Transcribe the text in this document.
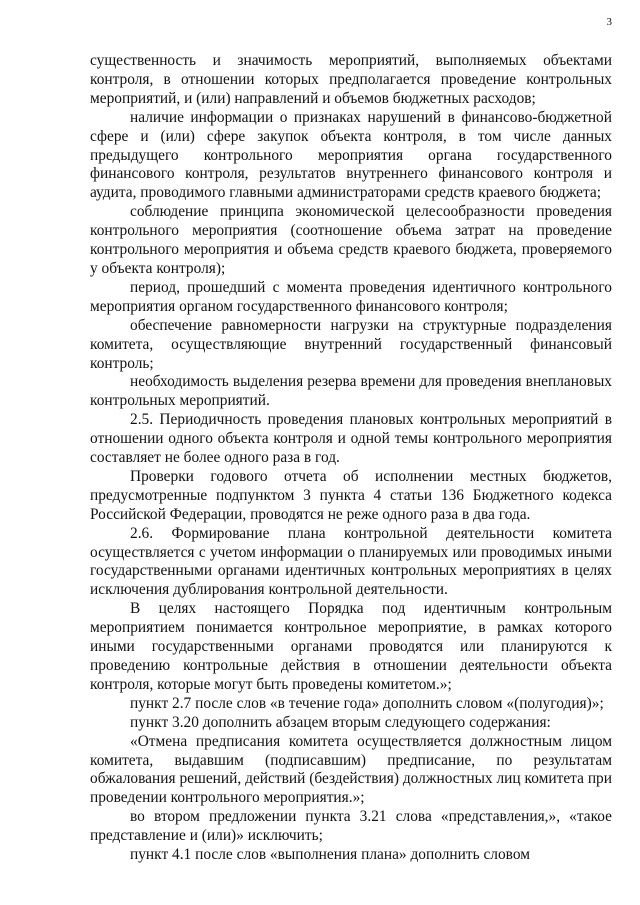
3

существенность и значимость мероприятий, выполняемых объектами контроля, в отношении которых предполагается проведение контрольных мероприятий, и (или) направлений и объемов бюджетных расходов;

наличие информации о признаках нарушений в финансово-бюджетной сфере и (или) сфере закупок объекта контроля, в том числе данных предыдущего контрольного мероприятия органа государственного финансового контроля, результатов внутреннего финансового контроля и аудита, проводимого главными администраторами средств краевого бюджета;

соблюдение принципа экономической целесообразности проведения контрольного мероприятия (соотношение объема затрат на проведение контрольного мероприятия и объема средств краевого бюджета, проверяемого у объекта контроля);

период, прошедший с момента проведения идентичного контрольного мероприятия органом государственного финансового контроля;

обеспечение равномерности нагрузки на структурные подразделения комитета, осуществляющие внутренний государственный финансовый контроль;

необходимость выделения резерва времени для проведения внеплановых контрольных мероприятий.

2.5. Периодичность проведения плановых контрольных мероприятий в отношении одного объекта контроля и одной темы контрольного мероприятия составляет не более одного раза в год.

Проверки годового отчета об исполнении местных бюджетов, предусмотренные подпунктом 3 пункта 4 статьи 136 Бюджетного кодекса Российской Федерации, проводятся не реже одного раза в два года.

2.6. Формирование плана контрольной деятельности комитета осуществляется с учетом информации о планируемых или проводимых иными государственными органами идентичных контрольных мероприятиях в целях исключения дублирования контрольной деятельности.

В целях настоящего Порядка под идентичным контрольным мероприятием понимается контрольное мероприятие, в рамках которого иными государственными органами проводятся или планируются к проведению контрольные действия в отношении деятельности объекта контроля, которые могут быть проведены комитетом.»;

пункт 2.7 после слов «в течение года» дополнить словом «(полугодия)»;

пункт 3.20 дополнить абзацем вторым следующего содержания:

«Отмена предписания комитета осуществляется должностным лицом комитета, выдавшим (подписавшим) предписание, по результатам обжалования решений, действий (бездействия) должностных лиц комитета при проведении контрольного мероприятия.»;

во втором предложении пункта 3.21 слова «представления,», «такое представление и (или)» исключить;

пункт 4.1 после слов «выполнения плана» дополнить словом
